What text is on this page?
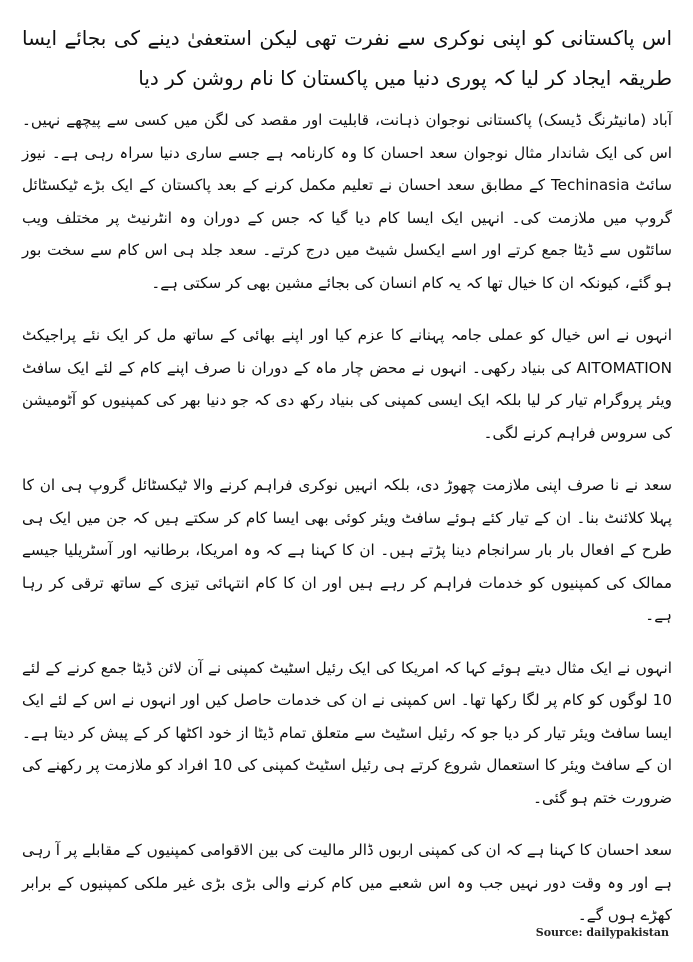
اس پاکستانی کو اپنی نوکری سے نفرت تھی لیکن استعفیٰ دینے کی بجائے ایسا طریقہ ایجاد کر لیا کہ پوری دنیا میں پاکستان کا نام روشن کر دیا

آباد (مانیٹرنگ ڈیسک) پاکستانی نوجوان ذہانت، قابلیت اور مقصد کی لگن میں کسی سے پیچھے نہیں۔ اس کی ایک شاندار مثال نوجوان سعد احسان کا وہ کارنامہ ہے جسے ساری دنیا سراہ رہی ہے۔ نیوز سائٹ Techinasia کے مطابق سعد احسان نے تعلیم مکمل کرنے کے بعد پاکستان کے ایک بڑے ٹیکسٹائل گروپ میں ملازمت کی۔ انہیں ایک ایسا کام دیا گیا کہ جس کے دوران وہ انٹرنیٹ پر مختلف ویب سائٹوں سے ڈیٹا جمع کرتے اور اسے ایکسل شیٹ میں درج کرتے۔ سعد جلد ہی اس کام سے سخت بور ہو گئے، کیونکہ ان کا خیال تھا کہ یہ کام انسان کی بجائے مشین بھی کر سکتی ہے۔

انہوں نے اس خیال کو عملی جامہ پہنانے کا عزم کیا اور اپنے بھائی کے ساتھ مل کر ایک نئے پراجیکٹ AITOMATION کی بنیاد رکھی۔ انہوں نے محض چار ماہ کے دوران نا صرف اپنے کام کے لئے ایک سافٹ ویئر پروگرام تیار کر لیا بلکہ ایک ایسی کمپنی کی بنیاد رکھ دی کہ جو دنیا بھر کی کمپنیوں کو آٹومیشن کی سروس فراہم کرنے لگی۔

سعد نے نا صرف اپنی ملازمت چھوڑ دی، بلکہ انہیں نوکری فراہم کرنے والا ٹیکسٹائل گروپ ہی ان کا پہلا کلائنٹ بنا۔ ان کے تیار کئے ہوئے سافٹ ویئر کوئی بھی ایسا کام کر سکتے ہیں کہ جن میں ایک ہی طرح کے افعال بار بار سرانجام دینا پڑتے ہیں۔ ان کا کہنا ہے کہ وہ امریکا، برطانیہ اور آسٹریلیا جیسے ممالک کی کمپنیوں کو خدمات فراہم کر رہے ہیں اور ان کا کام انتہائی تیزی کے ساتھ ترقی کر رہا ہے۔

انہوں نے ایک مثال دیتے ہوئے کہا کہ امریکا کی ایک رئیل اسٹیٹ کمپنی نے آن لائن ڈیٹا جمع کرنے کے لئے 10 لوگوں کو کام پر لگا رکھا تھا۔ اس کمپنی نے ان کی خدمات حاصل کیں اور انہوں نے اس کے لئے ایک ایسا سافٹ ویئر تیار کر دیا جو کہ رئیل اسٹیٹ سے متعلق تمام ڈیٹا از خود اکٹھا کر کے پیش کر دیتا ہے۔ ان کے سافٹ ویئر کا استعمال شروع کرتے ہی رئیل اسٹیٹ کمپنی کی 10 افراد کو ملازمت پر رکھنے کی ضرورت ختم ہو گئی۔

سعد احسان کا کہنا ہے کہ ان کی کمپنی اربوں ڈالر مالیت کی بین الاقوامی کمپنیوں کے مقابلے پر آ رہی ہے اور وہ وقت دور نہیں جب وہ اس شعبے میں کام کرنے والی بڑی بڑی غیر ملکی کمپنیوں کے برابر کھڑے ہوں گے۔

Source: dailypakistan
